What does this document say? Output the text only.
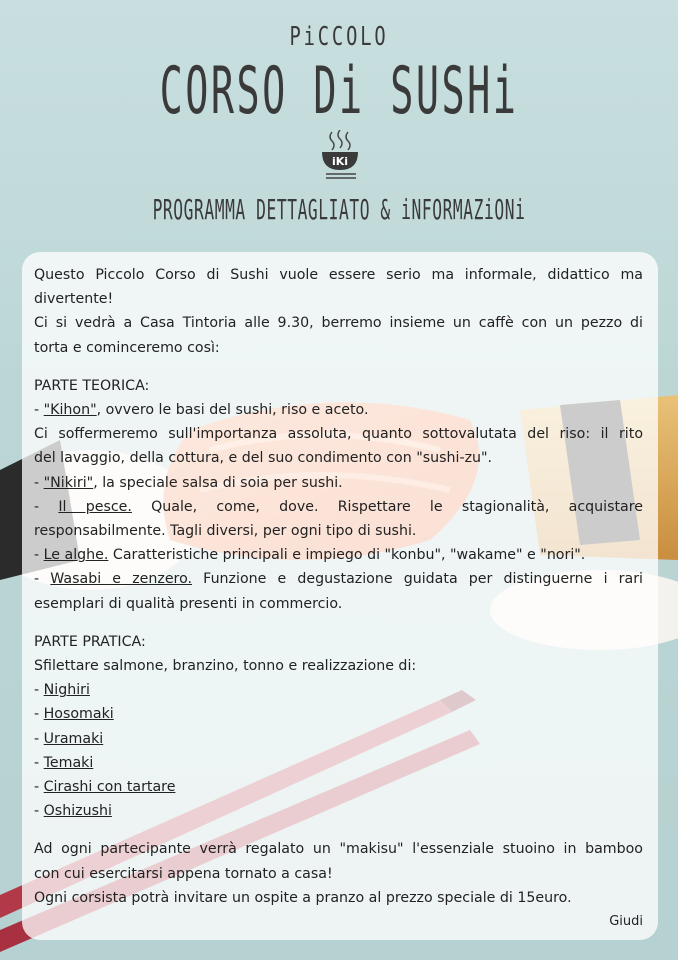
PiCCOLO
CORSO Di SUSHi
iKi
PROGRAMMA DETTAGLIATO & iNFORMAZiONi

Questo Piccolo Corso di Sushi vuole essere serio ma informale, didattico ma

divertente!

Ci si vedrà a Casa Tintoria alle 9.30, berremo insieme un caffè con un pezzo di

torta e cominceremo così:

PARTE TEORICA:

- "Kihon", ovvero le basi del sushi, riso e aceto.

Ci soffermeremo sull'importanza assoluta, quanto sottovalutata del riso: il rito

del lavaggio, della cottura, e del suo condimento con "sushi-zu".

- "Nikiri", la speciale salsa di soia per sushi.

- Il pesce. Quale, come, dove. Rispettare le stagionalità, acquistare

responsabilmente. Tagli diversi, per ogni tipo di sushi.

- Le alghe. Caratteristiche principali e impiego di "konbu", "wakame" e "nori".

- Wasabi e zenzero. Funzione e degustazione guidata per distinguerne i rari

esemplari di qualità presenti in commercio.

PARTE PRATICA:

Sfilettare salmone, branzino, tonno e realizzazione di:

- Nighiri

- Hosomaki

- Uramaki

- Temaki

- Cirashi con tartare

- Oshizushi

Ad ogni partecipante verrà regalato un "makisu" l'essenziale stuoino in bamboo

con cui esercitarsi appena tornato a casa!

Ogni corsista potrà invitare un ospite a pranzo al prezzo speciale di 15euro.

Giudi
